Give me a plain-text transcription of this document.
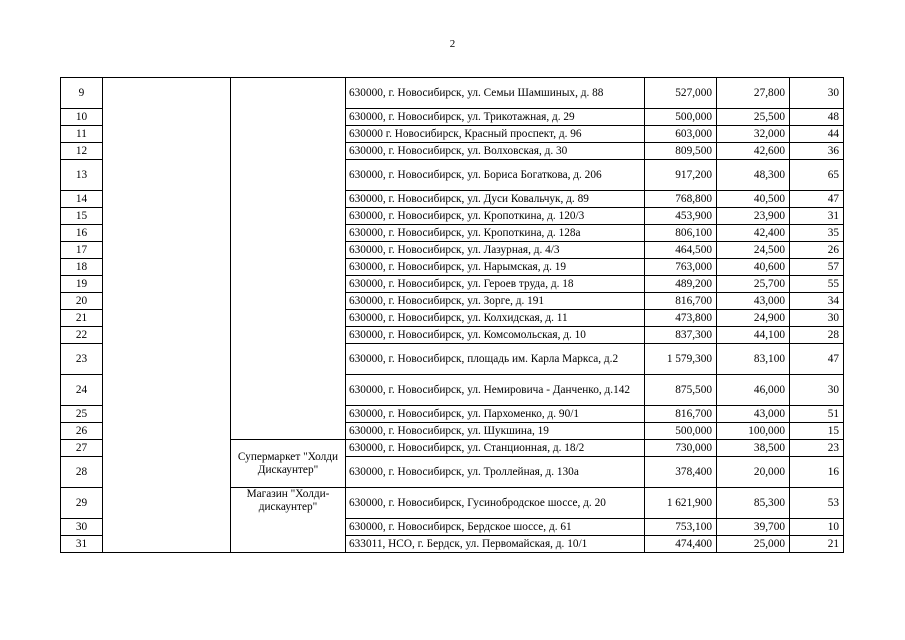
2
9			630000, г. Новосибирск, ул. Семьи Шамшиных, д. 88	527,000	27,800	30
10			630000, г. Новосибирск, ул. Трикотажная, д. 29	500,000	25,500	48
11			630000 г. Новосибирск, Красный проспект, д. 96	603,000	32,000	44
12			630000, г. Новосибирск, ул. Волховская, д. 30	809,500	42,600	36
13			630000, г. Новосибирск, ул. Бориса Богаткова, д. 206	917,200	48,300	65
14			630000, г. Новосибирск, ул. Дуси Ковальчук, д. 89	768,800	40,500	47
15			630000, г. Новосибирск, ул. Кропоткина, д. 120/3	453,900	23,900	31
16			630000, г. Новосибирск, ул. Кропоткина, д. 128а	806,100	42,400	35
17			630000, г. Новосибирск, ул. Лазурная, д. 4/3	464,500	24,500	26
18			630000, г. Новосибирск, ул. Нарымская, д. 19	763,000	40,600	57
19			630000, г. Новосибирск, ул. Героев труда, д. 18	489,200	25,700	55
20			630000, г. Новосибирск, ул. Зорге, д. 191	816,700	43,000	34
21			630000, г. Новосибирск, ул. Колхидская, д. 11	473,800	24,900	30
22			630000, г. Новосибирск, ул. Комсомольская, д. 10	837,300	44,100	28
23			630000, г. Новосибирск, площадь им. Карла Маркса, д.2	1 579,300	83,100	47
24			630000, г. Новосибирск, ул. Немировича - Данченко, д.142	875,500	46,000	30
25			630000, г. Новосибирск, ул. Пархоменко, д. 90/1	816,700	43,000	51
26			630000, г. Новосибирск, ул. Шукшина, 19	500,000	100,000	15
27		Супермаркет "Холди Дискаунтер"	630000, г. Новосибирск, ул. Станционная, д. 18/2	730,000	38,500	23
28			630000, г. Новосибирск, ул. Троллейная, д. 130а	378,400	20,000	16
29		Магазин "Холди-дискаунтер"	630000, г. Новосибирск, Гусинобродское шоссе, д. 20	1 621,900	85,300	53
30			630000, г. Новосибирск, Бердское шоссе, д. 61	753,100	39,700	10
31			633011, НСО, г. Бердск, ул. Первомайская, д. 10/1	474,400	25,000	21
